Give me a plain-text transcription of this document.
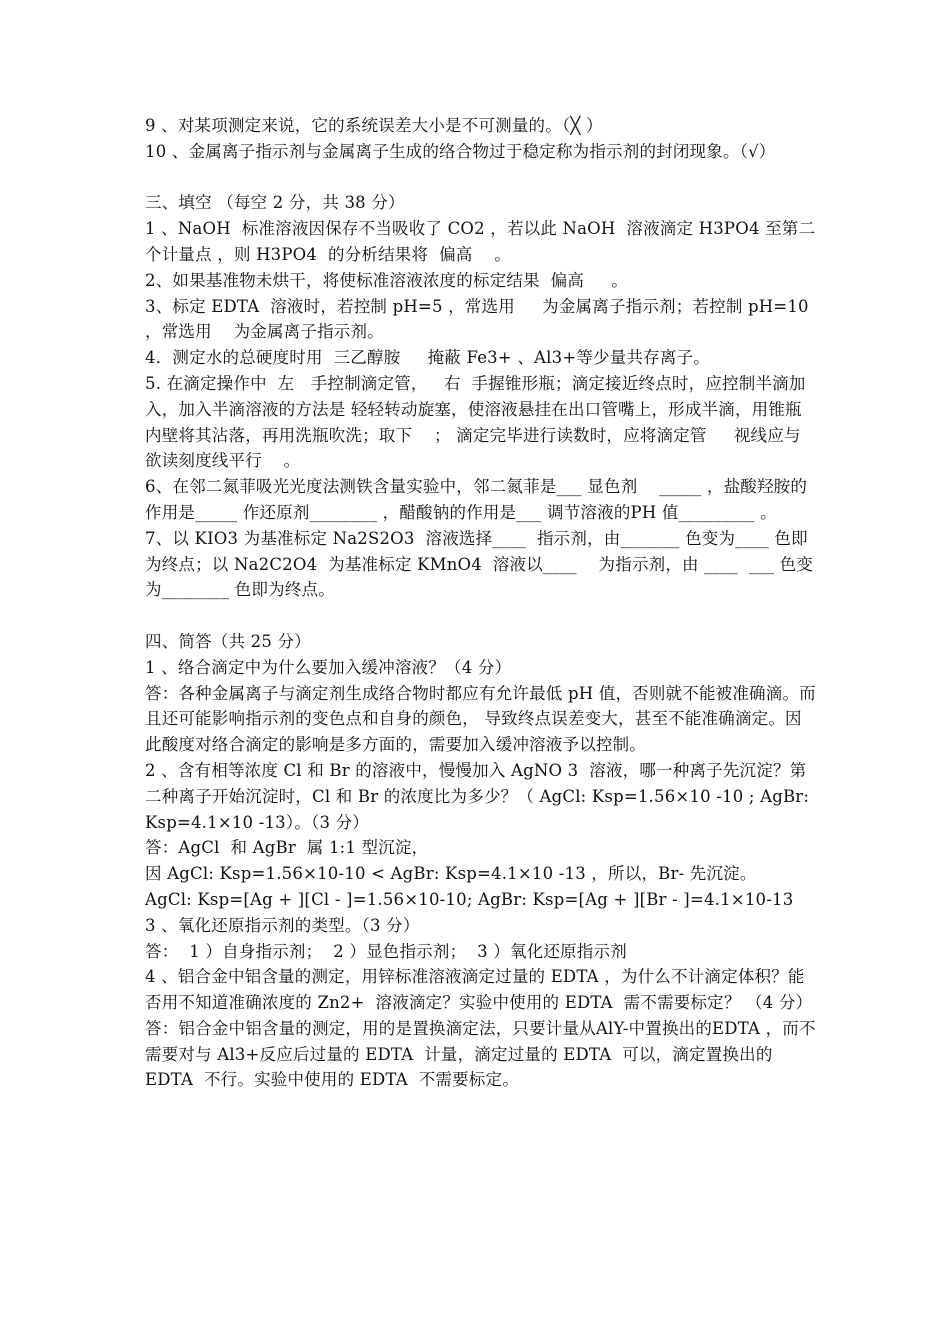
9 、对某项测定来说，它的系统误差大小是不可测量的。（╳ ）

10 、金属离子指示剂与金属离子生成的络合物过于稳定称为指示剂的封闭现象。（√）

三、填空 （每空 2 分，共 38 分）

1 、NaOH  标准溶液因保存不当吸收了 CO2 ，若以此 NaOH  溶液滴定 H3PO4 至第二个计量点 ，则 H3PO4  的分析结果将  偏高    。

2、如果基准物未烘干，将使标准溶液浓度的标定结果  偏高     。

3、标定 EDTA  溶液时，若控制 pH=5 ，常选用     为金属离子指示剂；若控制 pH=10 ，常选用    为金属离子指示剂。

4．测定水的总硬度时用  三乙醇胺     掩蔽 Fe3+ 、Al3+等少量共存离子。

5. 在滴定操作中  左   手控制滴定管，   右  手握锥形瓶；滴定接近终点时，应控制半滴加入，加入半滴溶液的方法是 轻轻转动旋塞，使溶液悬挂在出口管嘴上，形成半滴，用锥瓶内壁将其沾落，再用洗瓶吹洗；取下    ； 滴定完毕进行读数时，应将滴定管     视线应与  欲读刻度线平行    。

6、在邻二氮菲吸光光度法测铁含量实验中，邻二氮菲是___ 显色剂    _____ ，盐酸羟胺的作用是_____ 作还原剂________ ，醋酸钠的作用是___ 调节溶液的PH 值_________ 。

7、以 KIO3 为基准标定 Na2S2O3  溶液选择____  指示剂，由_______ 色变为____ 色即为终点；以 Na2C2O4  为基准标定 KMnO4  溶液以____    为指示剂，由 ____  ___ 色变为________ 色即为终点。

四、简答（共 25 分）

1 、络合滴定中为什么要加入缓冲溶液？（4 分）

答：各种金属离子与滴定剂生成络合物时都应有允许最低 pH 值，否则就不能被准确滴。而且还可能影响指示剂的变色点和自身的颜色， 导致终点误差变大，甚至不能准确滴定。因此酸度对络合滴定的影响是多方面的，需要加入缓冲溶液予以控制。

2 、含有相等浓度 Cl 和 Br 的溶液中，慢慢加入 AgNO 3  溶液，哪一种离子先沉淀？第二种离子开始沉淀时，Cl 和 Br 的浓度比为多少？（ AgCl: Ksp=1.56×10 -10 ; AgBr: Ksp=4.1×10 -13）。（3 分）

答：AgCl  和 AgBr  属 1:1 型沉淀，

因 AgCl: Ksp=1.56×10-10 < AgBr: Ksp=4.1×10 -13 ，所以，Br- 先沉淀。

AgCl: Ksp=[Ag + ][Cl - ]=1.56×10-10; AgBr: Ksp=[Ag + ][Br - ]=4.1×10-13

3 、氧化还原指示剂的类型。（3 分）

答：  1 ）自身指示剂；  2 ）显色指示剂；  3 ）氧化还原指示剂

4 、铝合金中铝含量的测定，用锌标准溶液滴定过量的 EDTA ，为什么不计滴定体积？能否用不知道准确浓度的 Zn2+  溶液滴定？实验中使用的 EDTA  需不需要标定？ （4 分）

答：铝合金中铝含量的测定，用的是置换滴定法，只要计量从AlY-中置换出的EDTA ，而不需要对与 Al3+反应后过量的 EDTA  计量，滴定过量的 EDTA  可以，滴定置换出的 EDTA  不行。实验中使用的 EDTA  不需要标定。
